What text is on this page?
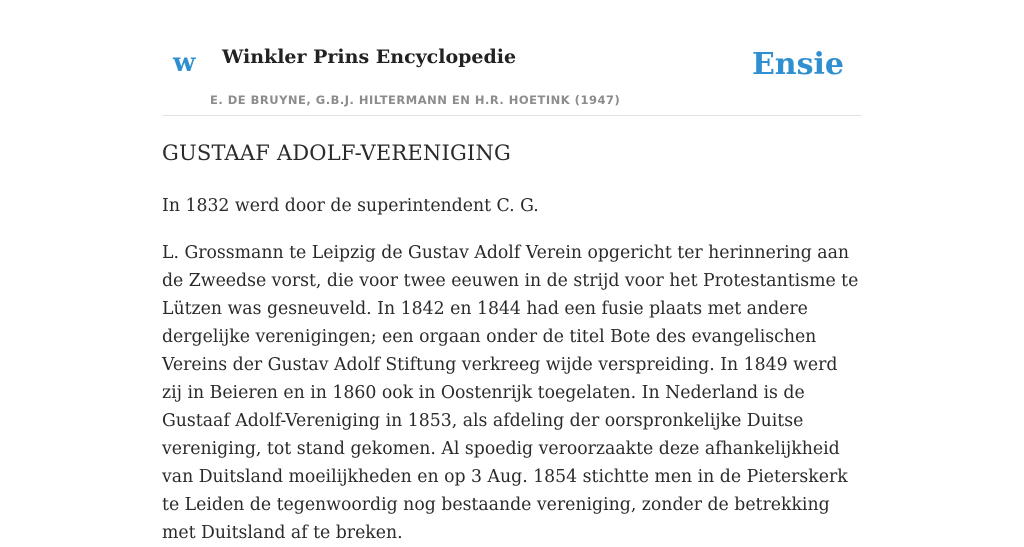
w Winkler Prins Encyclopedie

E. DE BRUYNE, G.B.J. HILTERMANN EN H.R. HOETINK (1947)

Ensie
GUSTAAF ADOLF-VERENIGING

In 1832 werd door de superintendent C. G.

L. Grossmann te Leipzig de Gustav Adolf Verein opgericht ter herinnering aan de Zweedse vorst, die voor twee eeuwen in de strijd voor het Protestantisme te Lützen was gesneuveld. In 1842 en 1844 had een fusie plaats met andere dergelijke verenigingen; een orgaan onder de titel Bote des evangelischen Vereins der Gustav Adolf Stiftung verkreeg wijde verspreiding. In 1849 werd zij in Beieren en in 1860 ook in Oostenrijk toegelaten. In Nederland is de Gustaaf Adolf-Vereniging in 1853, als afdeling der oorspronkelijke Duitse vereniging, tot stand gekomen. Al spoedig veroorzaakte deze afhankelijkheid van Duitsland moeilijkheden en op 3 Aug. 1854 stichtte men in de Pieterskerk te Leiden de tegenwoordig nog bestaande vereniging, zonder de betrekking met Duitsland af te breken.
